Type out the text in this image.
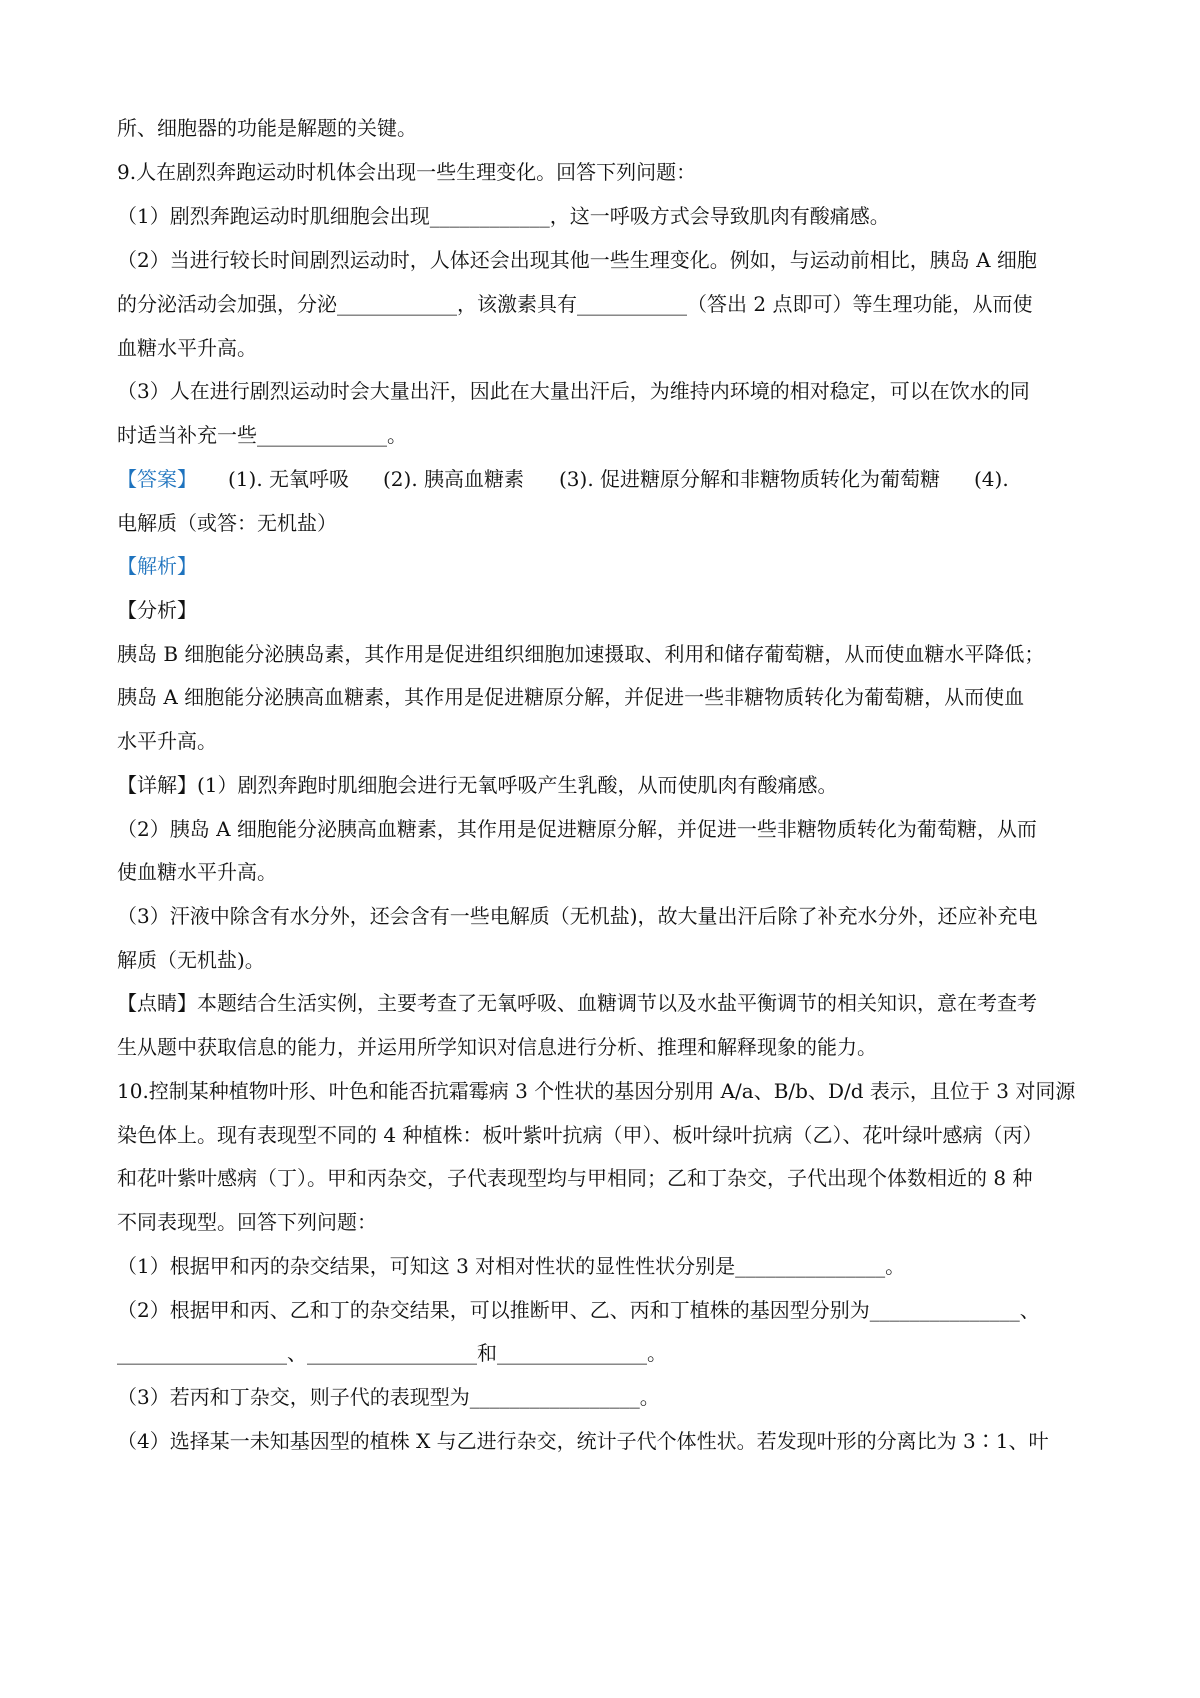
所、细胞器的功能是解题的关键。
9.人在剧烈奔跑运动时机体会出现一些生理变化。回答下列问题：
（1）剧烈奔跑运动时肌细胞会出现____________，这一呼吸方式会导致肌肉有酸痛感。
（2）当进行较长时间剧烈运动时，人体还会出现其他一些生理变化。例如，与运动前相比，胰岛 A 细胞
的分泌活动会加强，分泌____________，该激素具有___________（答出 2 点即可）等生理功能，从而使
血糖水平升高。
（3）人在进行剧烈运动时会大量出汗，因此在大量出汗后，为维持内环境的相对稳定，可以在饮水的同
时适当补充一些_____________。
【答案】 (1). 无氧呼吸 (2). 胰高血糖素 (3). 促进糖原分解和非糖物质转化为葡萄糖 (4).
电解质（或答：无机盐）
【解析】
【分析】
胰岛 B 细胞能分泌胰岛素，其作用是促进组织细胞加速摄取、利用和储存葡萄糖，从而使血糖水平降低；
胰岛 A 细胞能分泌胰高血糖素，其作用是促进糖原分解，并促进一些非糖物质转化为葡萄糖，从而使血
水平升高。
【详解】(1）剧烈奔跑时肌细胞会进行无氧呼吸产生乳酸，从而使肌肉有酸痛感。
（2）胰岛 A 细胞能分泌胰高血糖素，其作用是促进糖原分解，并促进一些非糖物质转化为葡萄糖，从而
使血糖水平升高。
（3）汗液中除含有水分外，还会含有一些电解质（无机盐)，故大量出汗后除了补充水分外，还应补充电
解质（无机盐)。
【点睛】本题结合生活实例，主要考查了无氧呼吸、血糖调节以及水盐平衡调节的相关知识，意在考查考
生从题中获取信息的能力，并运用所学知识对信息进行分析、推理和解释现象的能力。
10.控制某种植物叶形、叶色和能否抗霜霉病 3 个性状的基因分别用 A/a、B/b、D/d 表示，且位于 3 对同源
染色体上。现有表现型不同的 4 种植株：板叶紫叶抗病（甲）、板叶绿叶抗病（乙）、花叶绿叶感病（丙）
和花叶紫叶感病（丁）。甲和丙杂交，子代表现型均与甲相同；乙和丁杂交，子代出现个体数相近的 8 种
不同表现型。回答下列问题：
（1）根据甲和丙的杂交结果，可知这 3 对相对性状的显性性状分别是_______________。
（2）根据甲和丙、乙和丁的杂交结果，可以推断甲、乙、丙和丁植株的基因型分别为_______________、
_________________、_________________和_______________。
（3）若丙和丁杂交，则子代的表现型为_________________。
（4）选择某一未知基因型的植株 X 与乙进行杂交，统计子代个体性状。若发现叶形的分离比为 3∶1、叶
